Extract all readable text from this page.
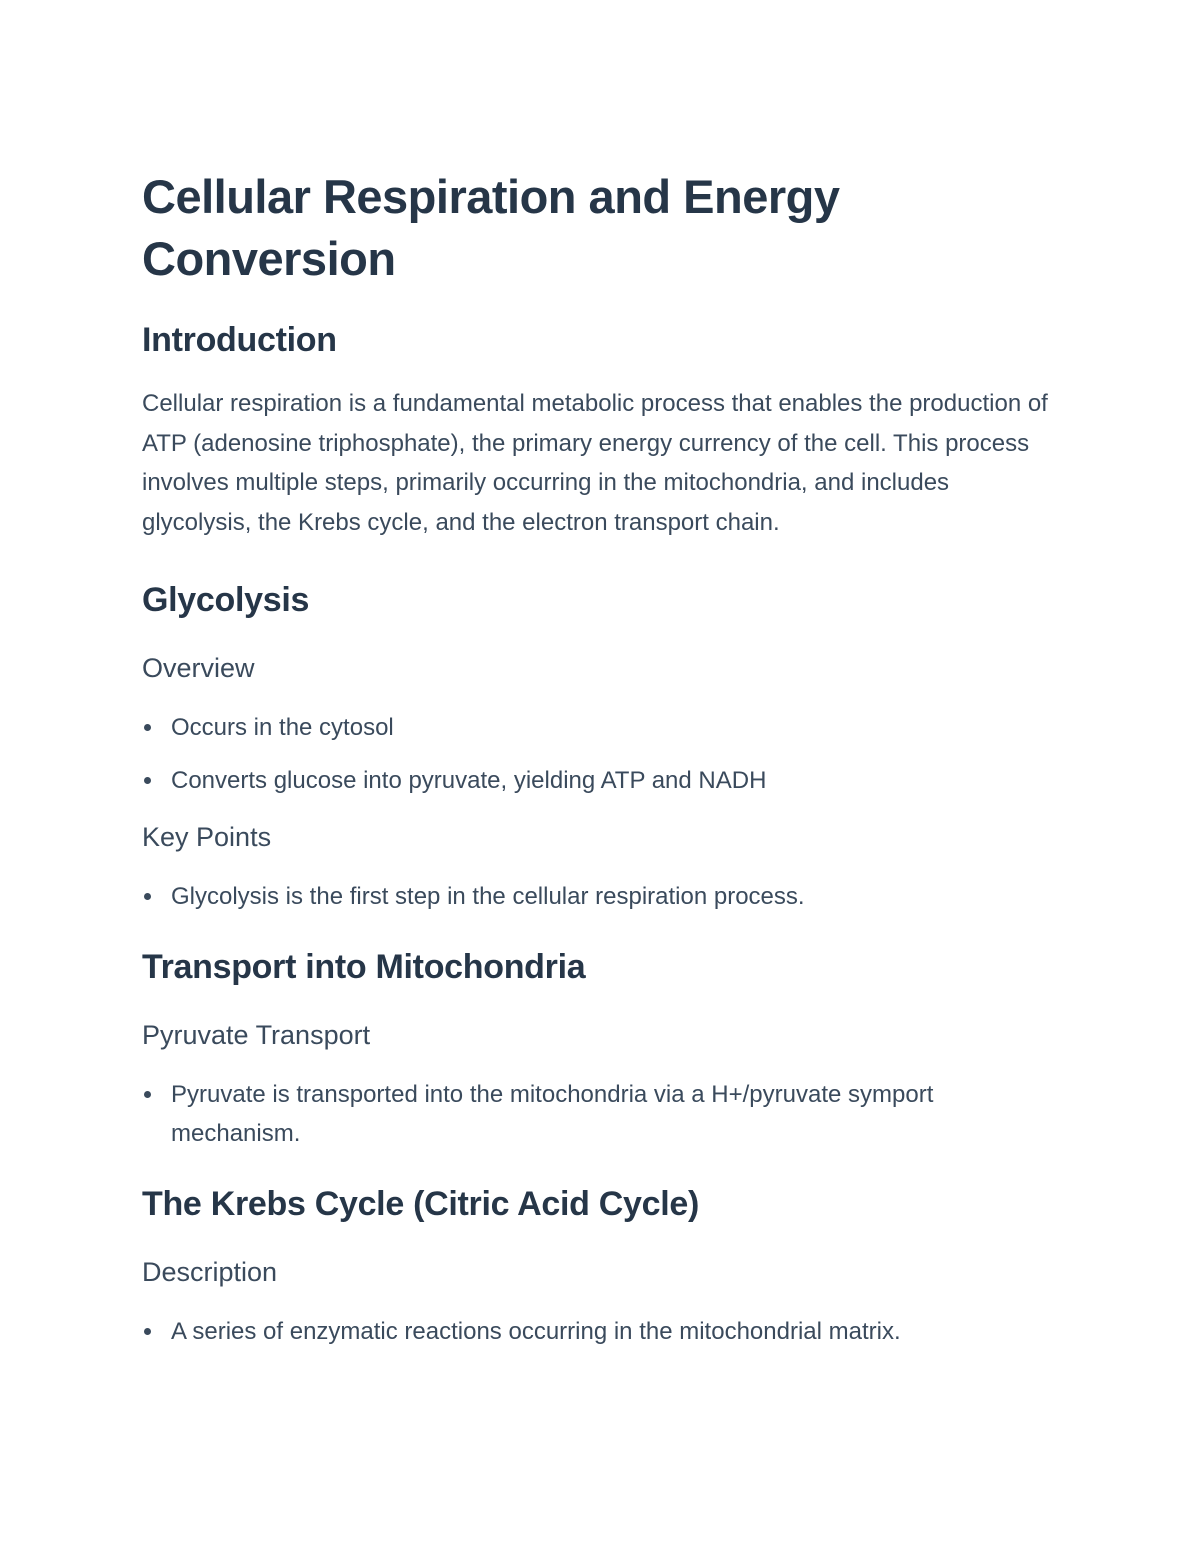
Cellular Respiration and Energy Conversion
Introduction

Cellular respiration is a fundamental metabolic process that enables the production of ATP (adenosine triphosphate), the primary energy currency of the cell. This process involves multiple steps, primarily occurring in the mitochondria, and includes glycolysis, the Krebs cycle, and the electron transport chain.

Glycolysis
Overview
Occurs in the cytosol
Converts glucose into pyruvate, yielding ATP and NADH
Key Points
Glycolysis is the first step in the cellular respiration process.
Transport into Mitochondria
Pyruvate Transport
Pyruvate is transported into the mitochondria via a H+/pyruvate symport mechanism.
The Krebs Cycle (Citric Acid Cycle)
Description
A series of enzymatic reactions occurring in the mitochondrial matrix.
